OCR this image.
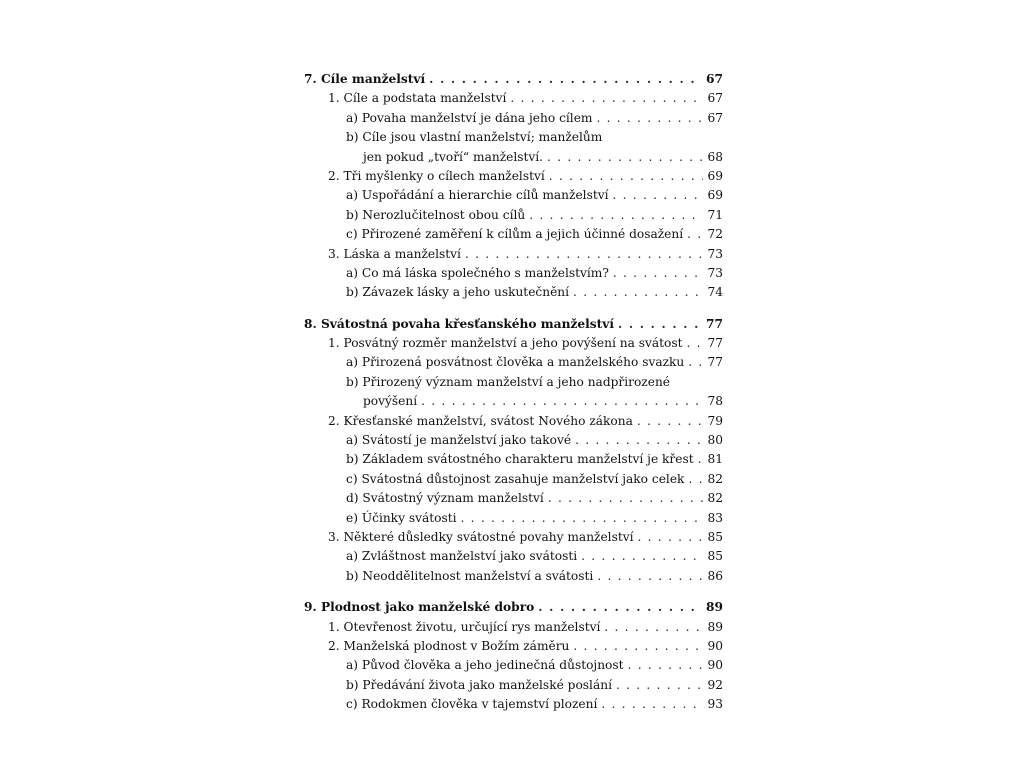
7. Cíle manželství . . .	67
1. Cíle a podstata manželství . . .	67
a) Povaha manželství je dána jeho cílem . . .	67
b) Cíle jsou vlastní manželství; manželům
jen pokud „tvoří“ manželství. . . .	68
2. Tři myšlenky o cílech manželství . . .	69
a) Uspořádání a hierarchie cílů manželství . . .	69
b) Nerozlučitelnost obou cílů . . .	71
c) Přirozené zaměření k cílům a jejich účinné dosažení . . .	72
3. Láska a manželství . . .	73
a) Co má láska společného s manželstvím? . . .	73
b) Závazek lásky a jeho uskutečnění . . .	74
8. Svátostná povaha křesťanského manželství . . .	77
1. Posvátný rozměr manželství a jeho povýšení na svátost . . .	77
a) Přirozená posvátnost člověka a manželského svazku . . .	77
b) Přirozený význam manželství a jeho nadpřirozené
povýšení . . .	78
2. Křesťanské manželství, svátost Nového zákona . . .	79
a) Svátostí je manželství jako takové . . .	80
b) Základem svátostného charakteru manželství je křest . . .	81
c) Svátostná důstojnost zasahuje manželství jako celek . . .	82
d) Svátostný význam manželství . . .	82
e) Účinky svátosti . . .	83
3. Některé důsledky svátostné povahy manželství . . .	85
a) Zvláštnost manželství jako svátosti . . .	85
b) Neoddělitelnost manželství a svátosti . . .	86
9. Plodnost jako manželské dobro . . .	89
1. Otevřenost životu, určující rys manželství . . .	89
2. Manželská plodnost v Božím záměru . . .	90
a) Původ člověka a jeho jedinečná důstojnost . . .	90
b) Předávání života jako manželské poslání . . .	92
c) Rodokmen člověka v tajemství plození . . .	93
